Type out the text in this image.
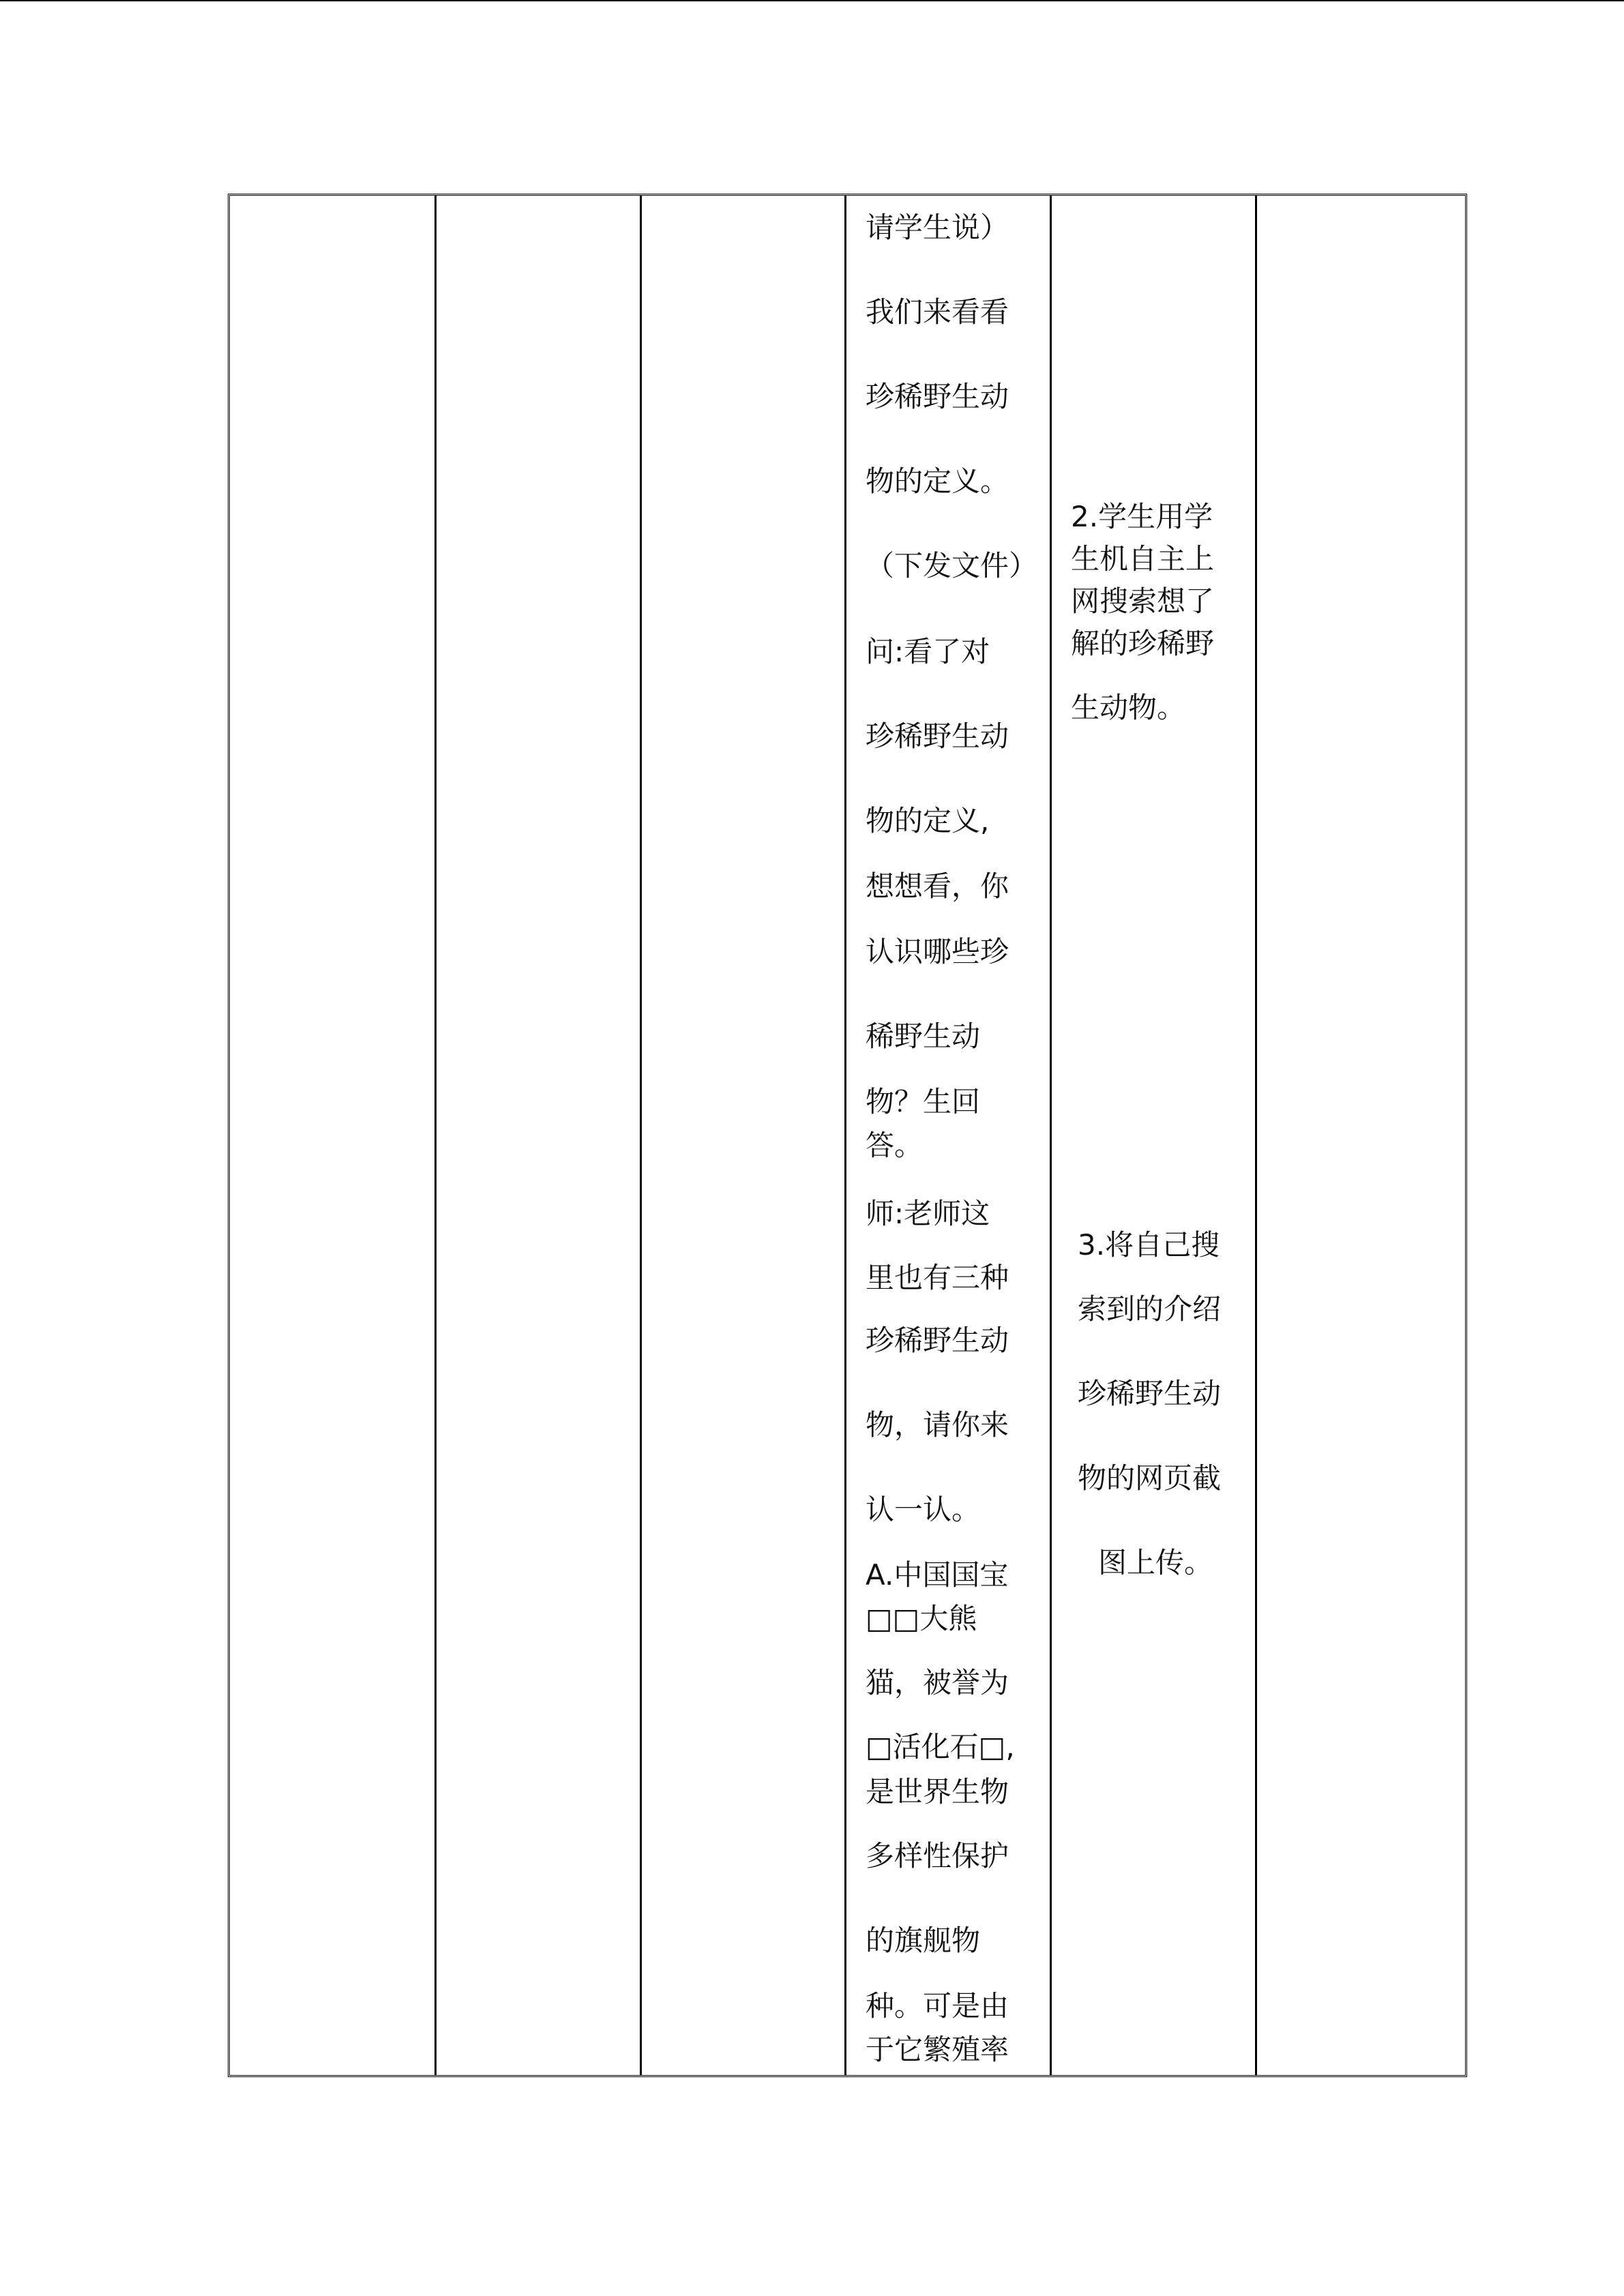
请学生说）
我们来看看
珍稀野生动
物的定义。
（下发文件）
问:看了对
珍稀野生动
物的定义,
想想看，你
认识哪些珍
稀野生动
物？生回
答。
师:老师这
里也有三种
珍稀野生动
物，请你来
认一认。
A.中国国宝
□□大熊
猫，被誉为
□活化石□,
是世界生物
多样性保护
的旗舰物
种。可是由
于它繁殖率
2.学生用学
生机自主上
网搜索想了
解的珍稀野
生动物。
3.将自己搜
索到的介绍
珍稀野生动
物的网页截
图上传。
